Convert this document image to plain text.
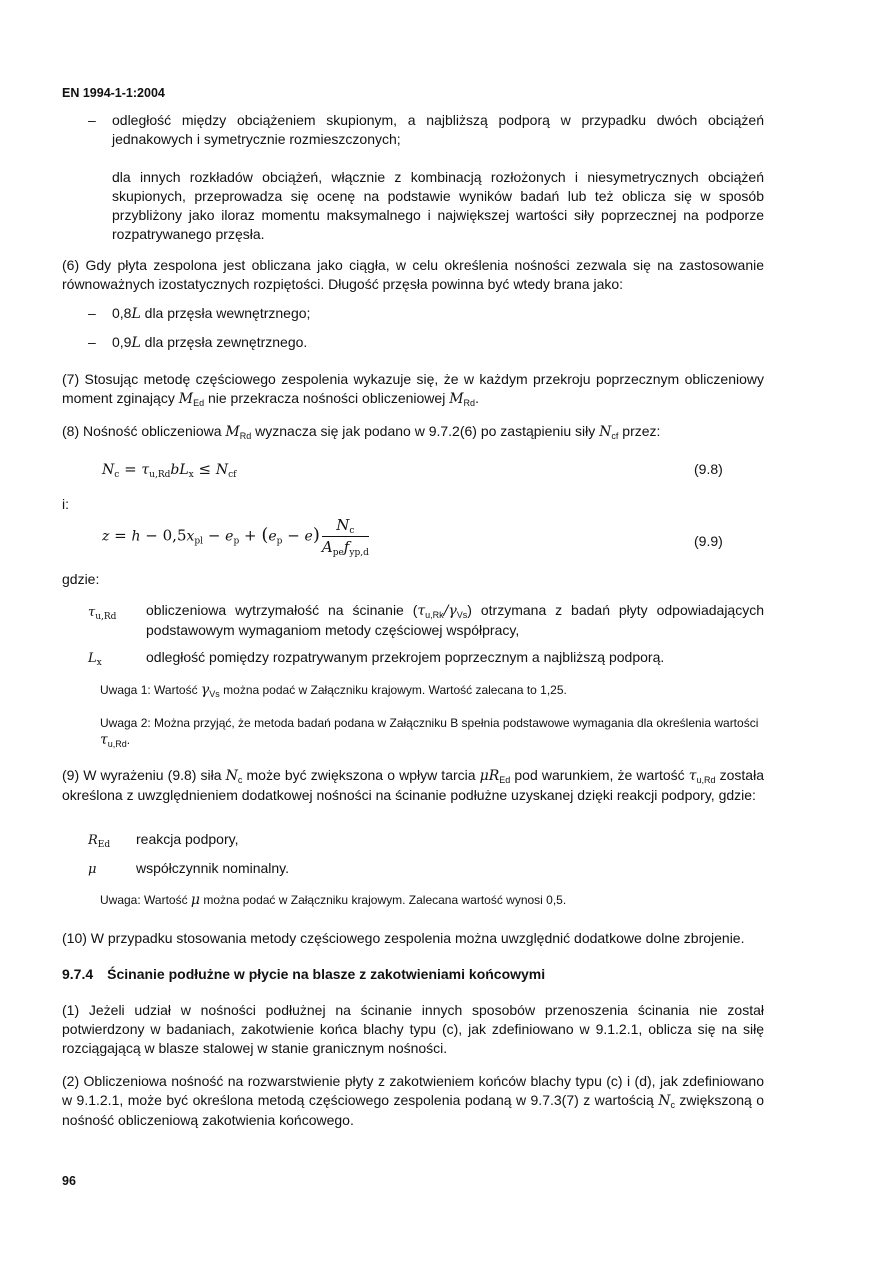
EN 1994-1-1:2004
– odległość między obciążeniem skupionym, a najbliższą podporą w przypadku dwóch obciążeń jednakowych i symetrycznie rozmieszczonych;
dla innych rozkładów obciążeń, włącznie z kombinacją rozłożonych i niesymetrycznych obciążeń skupionych, przeprowadza się ocenę na podstawie wyników badań lub też oblicza się w sposób przybliżony jako iloraz momentu maksymalnego i największej wartości siły poprzecznej na podporze rozpatrywanego przęsła.
(6) Gdy płyta zespolona jest obliczana jako ciągła, w celu określenia nośności zezwala się na zastosowanie równoważnych izostatycznych rozpiętości. Długość przęsła powinna być wtedy brana jako:
– 0,8L dla przęsła wewnętrznego;
– 0,9L dla przęsła zewnętrznego.
(7) Stosując metodę częściowego zespolenia wykazuje się, że w każdym przekroju poprzecznym obliczeniowy moment zginający $M_{Ed}$ nie przekracza nośności obliczeniowej $M_{Rd}$.
(8) Nośność obliczeniowa $M_{Rd}$ wyznacza się jak podano w 9.7.2(6) po zastąpieniu siły $N_{cf}$ przez:
$N_c = \tau_{u,Rd}bL_x \le N_{cf}$	(9.8)
i:
$z = h - 0,5x_{pl} - e_p + (e_p - e) \frac{N_c}{A_{pe}f_{yp,d}}$	(9.9)
gdzie:
$\tau_{u,Rd}$ obliczeniowa wytrzymałość na ścinanie $(\tau_{u,Rk}/\gamma_{Vs})$ otrzymana z badań płyty odpowiadających podstawowym wymaganiom metody częściowej współpracy,
$L_x$	odległość pomiędzy rozpatrywanym przekrojem poprzecznym a najbliższą podporą.
Uwaga 1: Wartość $\gamma_{Vs}$ można podać w Załączniku krajowym. Wartość zalecana to 1,25.
Uwaga 2: Można przyjąć, że metoda badań podana w Załączniku B spełnia podstawowe wymagania dla określenia wartości $\tau_{u,Rd}$.
(9) W wyrażeniu (9.8) siła $N_c$ może być zwiększona o wpływ tarcia $\mu R_{Ed}$ pod warunkiem, że wartość $\tau_{u,Rd}$ została określona z uwzględnieniem dodatkowej nośności na ścinanie podłużne uzyskanej dzięki reakcji podpory, gdzie:
$R_{Ed}$ reakcja podpory,
μ	współczynnik nominalny.
Uwaga: Wartość μ można podać w Załączniku krajowym. Zalecana wartość wynosi 0,5.
(10) W przypadku stosowania metody częściowego zespolenia można uwzględnić dodatkowe dolne zbrojenie.
9.7.4 Ścinanie podłużne w płycie na blasze z zakotwieniami końcowymi
(1) Jeżeli udział w nośności podłużnej na ścinanie innych sposobów przenoszenia ścinania nie został potwierdzony w badaniach, zakotwienie końca blachy typu (c), jak zdefiniowano w 9.1.2.1, oblicza się na siłę rozciągającą w blasze stalowej w stanie granicznym nośności.
(2) Obliczeniowa nośność na rozwarstwienie płyty z zakotwieniem końców blachy typu (c) i (d), jak zdefiniowano w 9.1.2.1, może być określona metodą częściowego zespolenia podaną w 9.7.3(7) z wartością $N_c$ zwiększoną o nośność obliczeniową zakotwienia końcowego.
96
